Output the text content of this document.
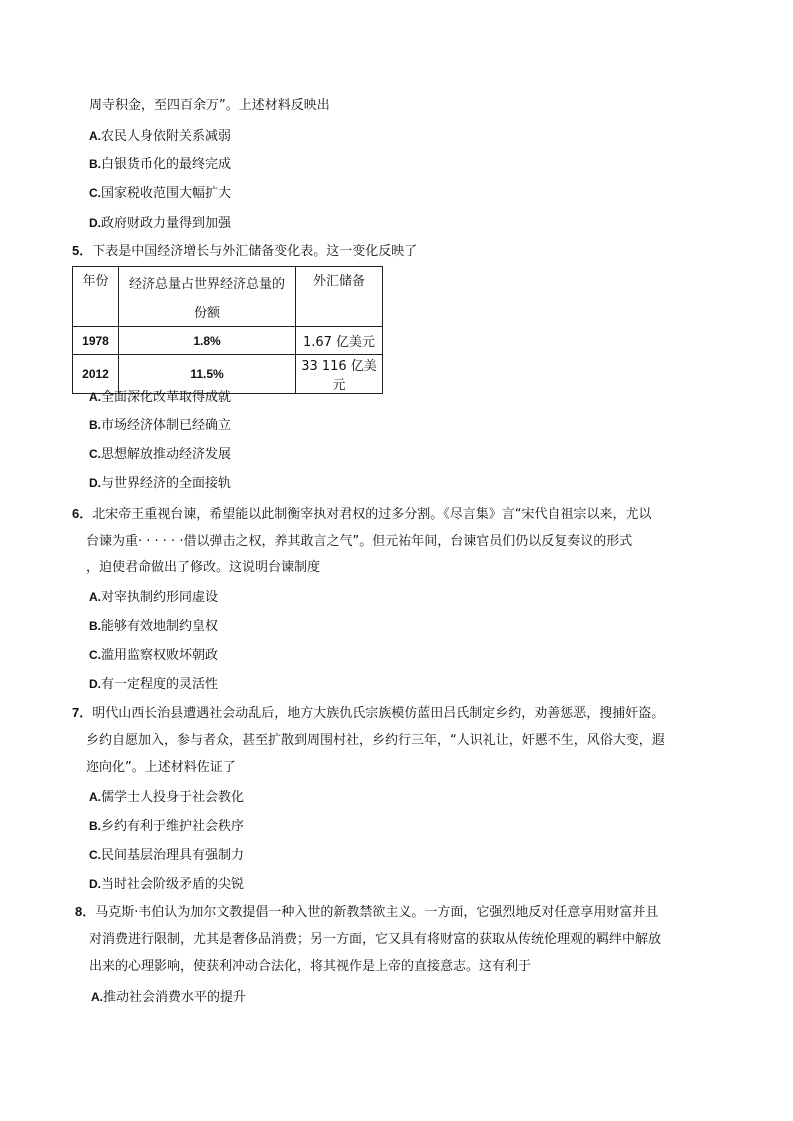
周寺积金，至四百余万”。上述材料反映出
A.农民人身依附关系减弱
B.白银货币化的最终完成
C.国家税收范围大幅扩大
D.政府财政力量得到加强
5．下表是中国经济增长与外汇储备变化表。这一变化反映了
年份	经济总量占世界经济总量的	外汇储备
	份额	
1978	1.8%	1.67 亿美元
2012	11.5%	33 116 亿美元
A.全面深化改革取得成就
B.市场经济体制已经确立
C.思想解放推动经济发展
D.与世界经济的全面接轨
6．北宋帝王重视台谏，希望能以此制衡宰执对君权的过多分割。《尽言集》言“宋代自祖宗以来，尤以
台谏为重· · · · · ·借以弹击之权，养其敢言之气”。但元祐年间，台谏官员们仍以反复奏议的形式
，迫使君命做出了修改。这说明台谏制度
A.对宰执制约形同虚设
B.能够有效地制约皇权
C.滥用监察权败坏朝政
D.有一定程度的灵活性
7．明代山西长治县遭遇社会动乱后，地方大族仇氏宗族模仿蓝田吕氏制定乡约，劝善惩恶，搜捕奸盗。
乡约自愿加入，参与者众，甚至扩散到周围村社，乡约行三年，“人识礼让，奸慝不生，风俗大变，遐
迩向化”。上述材料佐证了
A.儒学士人投身于社会教化
B.乡约有利于维护社会秩序
C.民间基层治理具有强制力
D.当时社会阶级矛盾的尖锐
8．马克斯·韦伯认为加尔文教提倡一种入世的新教禁欲主义。一方面，它强烈地反对任意享用财富并且
对消费进行限制，尤其是奢侈品消费；另一方面，它又具有将财富的获取从传统伦理观的羁绊中解放
出来的心理影响，使获利冲动合法化，将其视作是上帝的直接意志。这有利于
A.推动社会消费水平的提升
